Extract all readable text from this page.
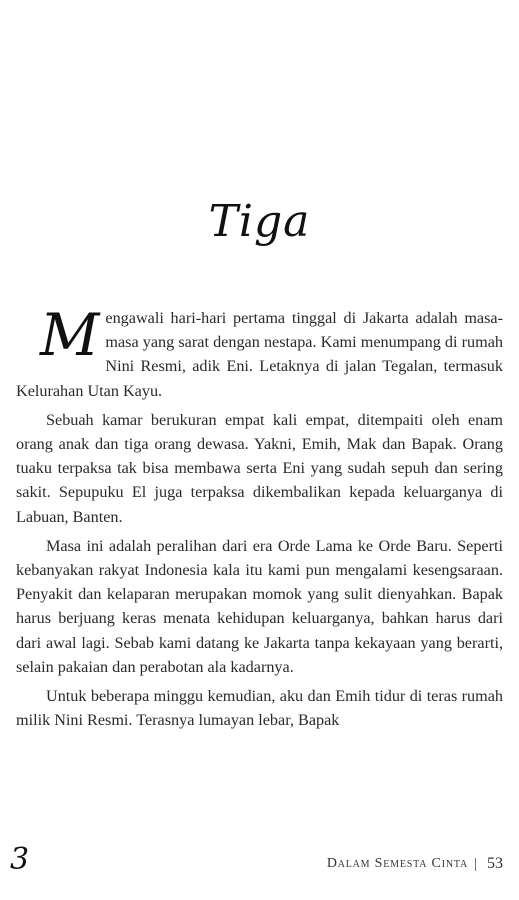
Tiga

Mengawali hari-hari pertama tinggal di Jakarta adalah masa-masa yang sarat dengan nestapa. Kami menumpang di rumah Nini Resmi, adik Eni. Letaknya di jalan Tegalan, termasuk Kelurahan Utan Kayu.

Sebuah kamar berukuran empat kali empat, ditempaiti oleh enam orang anak dan tiga orang dewasa. Yakni, Emih, Mak dan Bapak. Orang tuaku terpaksa tak bisa membawa serta Eni yang sudah sepuh dan sering sakit. Sepupuku El juga terpaksa dikembalikan kepada keluarganya di Labuan, Banten.

Masa ini adalah peralihan dari era Orde Lama ke Orde Baru. Seperti kebanyakan rakyat Indonesia kala itu kami pun mengalami kesengsaraan. Penyakit dan kelaparan merupakan momok yang sulit dienyahkan. Bapak harus berjuang keras menata kehidupan keluarganya, bahkan harus dari dari awal lagi. Sebab kami datang ke Jakarta tanpa kekayaan yang berarti, selain pakaian dan perabotan ala kadarnya.

Untuk beberapa minggu kemudian, aku dan Emih tidur di teras rumah milik Nini Resmi. Terasnya lumayan lebar, Bapak

3	Dalam Semesta Cinta | 53
